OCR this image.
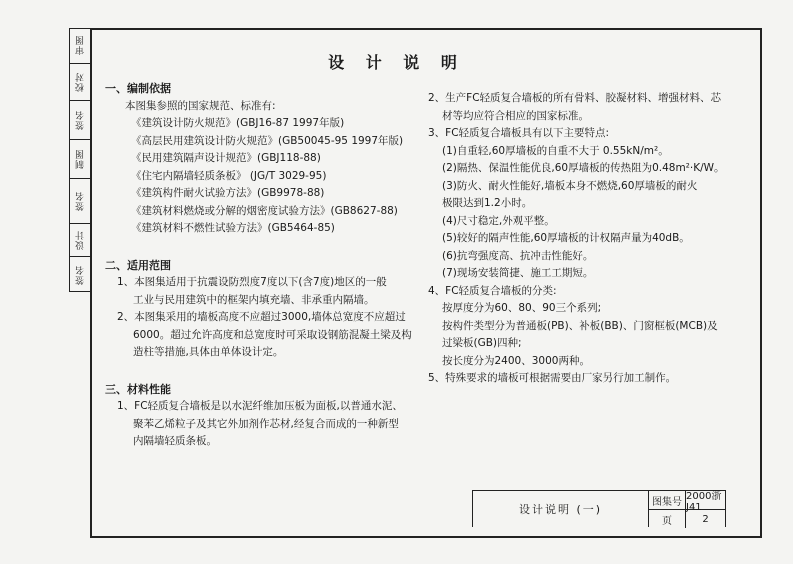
审图
校对
签名
制图
签名
设计
签名
设 计 说 明
一、编制依据
本图集参照的国家规范、标准有:
《建筑设计防火规范》(GBJ16-87 1997年版)
《高层民用建筑设计防火规范》(GB50045-95 1997年版)
《民用建筑隔声设计规范》(GBJ118-88)
《住宅内隔墙轻质条板》 (JG/T 3029-95)
《建筑构件耐火试验方法》(GB9978-88)
《建筑材料燃烧或分解的烟密度试验方法》(GB8627-88)
《建筑材料不燃性试验方法》(GB5464-85)
二、适用范围
1、本图集适用于抗震设防烈度7度以下(含7度)地区的一般
工业与民用建筑中的框架内填充墙、非承重内隔墙。
2、本图集采用的墙板高度不应超过3000,墙体总宽度不应超过
6000。超过允许高度和总宽度时可采取设钢筋混凝土梁及构
造柱等措施,具体由单体设计定。
三、材料性能
1、FC轻质复合墙板是以水泥纤维加压板为面板,以普通水泥、
聚苯乙烯粒子及其它外加剂作芯材,经复合而成的一种新型
内隔墙轻质条板。
2、生产FC轻质复合墙板的所有骨料、胶凝材料、增强材料、芯
材等均应符合相应的国家标准。
3、FC轻质复合墙板具有以下主要特点:
(1)自重轻,60厚墙板的自重不大于 0.55kN/m²。
(2)隔热、保温性能优良,60厚墙板的传热阻为0.48m²·K/W。
(3)防火、耐火性能好,墙板本身不燃烧,60厚墙板的耐火
极限达到1.2小时。
(4)尺寸稳定,外观平整。
(5)较好的隔声性能,60厚墙板的计权隔声量为40dB。
(6)抗弯强度高、抗冲击性能好。
(7)现场安装简捷、施工工期短。
4、FC轻质复合墙板的分类:
按厚度分为60、80、90三个系列;
按构件类型分为普通板(PB)、补板(BB)、门窗框板(MCB)及
过梁板(GB)四种;
按长度分为2400、3000两种。
5、特殊要求的墙板可根据需要由厂家另行加工制作。
设计说明 (一)
图集号 2000浙J41
页	2
